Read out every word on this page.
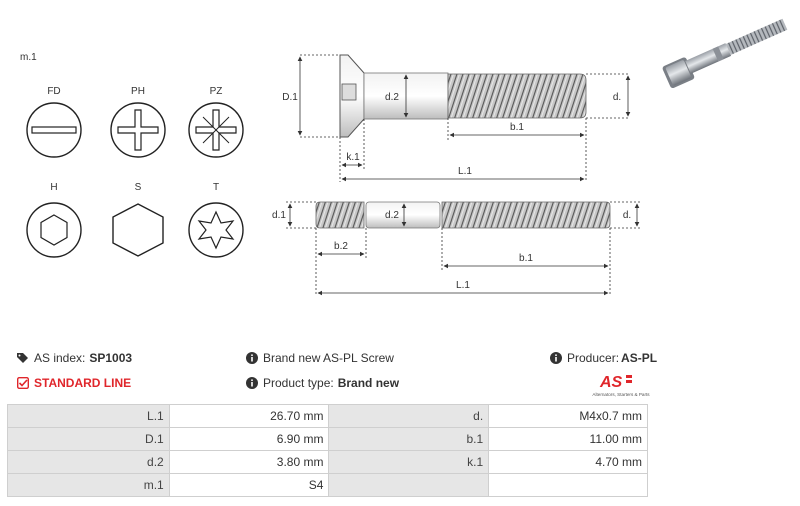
m.1
FD	PH	PZ
H	S	T
D.1	d.2	d.
b.1
k.1
L.1
d.1	d.2	d.
b.2
b.1
L.1
AS index: SP1003
STANDARD LINE
Brand new AS-PL Screw
Product type: Brand new
Producer: AS-PL
AS
Alternators, Starters & Parts
L.1	26.70 mm	d.	M4x0.7 mm
D.1	6.90 mm	b.1	11.00 mm
d.2	3.80 mm	k.1	4.70 mm
m.1	S4		
